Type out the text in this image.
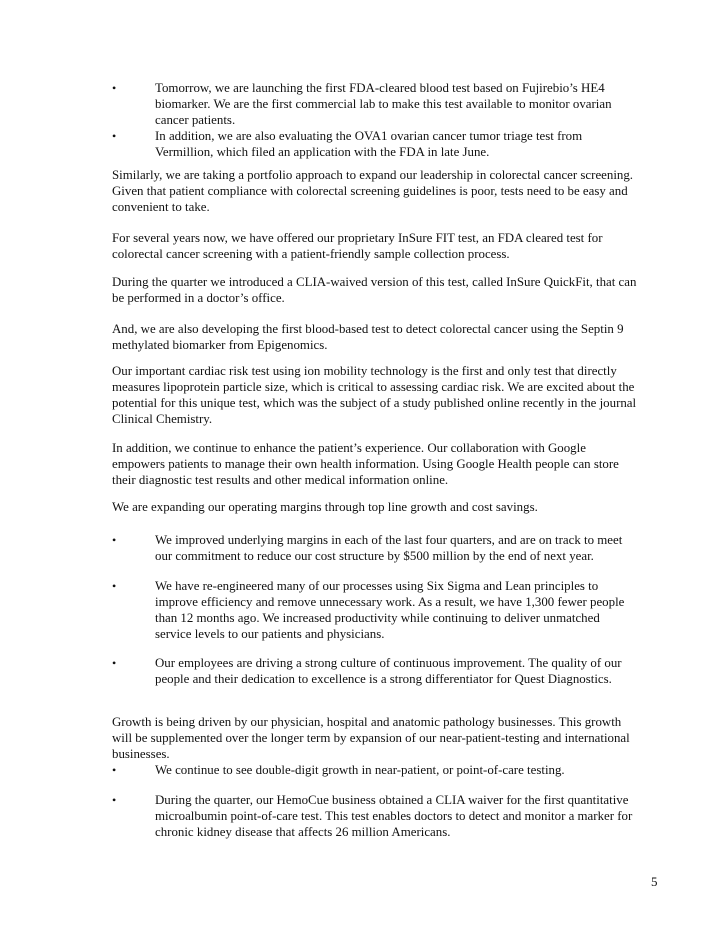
•	Tomorrow, we are launching the first FDA-cleared blood test based on Fujirebio’s HE4
biomarker. We are the first commercial lab to make this test available to monitor ovarian
cancer patients.
•	In addition, we are also evaluating the OVA1 ovarian cancer tumor triage test from
Vermillion, which filed an application with the FDA in late June.
Similarly, we are taking a portfolio approach to expand our leadership in colorectal cancer screening.
Given that patient compliance with colorectal screening guidelines is poor, tests need to be easy and
convenient to take.
For several years now, we have offered our proprietary InSure FIT test, an FDA cleared test for
colorectal cancer screening with a patient-friendly sample collection process.
During the quarter we introduced a CLIA-waived version of this test, called InSure QuickFit, that can
be performed in a doctor’s office.
And, we are also developing the first blood-based test to detect colorectal cancer using the Septin 9
methylated biomarker from Epigenomics.
Our important cardiac risk test using ion mobility technology is the first and only test that directly
measures lipoprotein particle size, which is critical to assessing cardiac risk. We are excited about the
potential for this unique test, which was the subject of a study published online recently in the journal
Clinical Chemistry.
In addition, we continue to enhance the patient’s experience. Our collaboration with Google
empowers patients to manage their own health information. Using Google Health people can store
their diagnostic test results and other medical information online.
We are expanding our operating margins through top line growth and cost savings.
•	We improved underlying margins in each of the last four quarters, and are on track to meet
our commitment to reduce our cost structure by $500 million by the end of next year.
•	We have re-engineered many of our processes using Six Sigma and Lean principles to
improve efficiency and remove unnecessary work. As a result, we have 1,300 fewer people
than 12 months ago. We increased productivity while continuing to deliver unmatched
service levels to our patients and physicians.
•	Our employees are driving a strong culture of continuous improvement. The quality of our
people and their dedication to excellence is a strong differentiator for Quest Diagnostics.
Growth is being driven by our physician, hospital and anatomic pathology businesses. This growth
will be supplemented over the longer term by expansion of our near-patient-testing and international
businesses.
•	We continue to see double-digit growth in near-patient, or point-of-care testing.
•	During the quarter, our HemoCue business obtained a CLIA waiver for the first quantitative
microalbumin point-of-care test. This test enables doctors to detect and monitor a marker for
chronic kidney disease that affects 26 million Americans.
5
